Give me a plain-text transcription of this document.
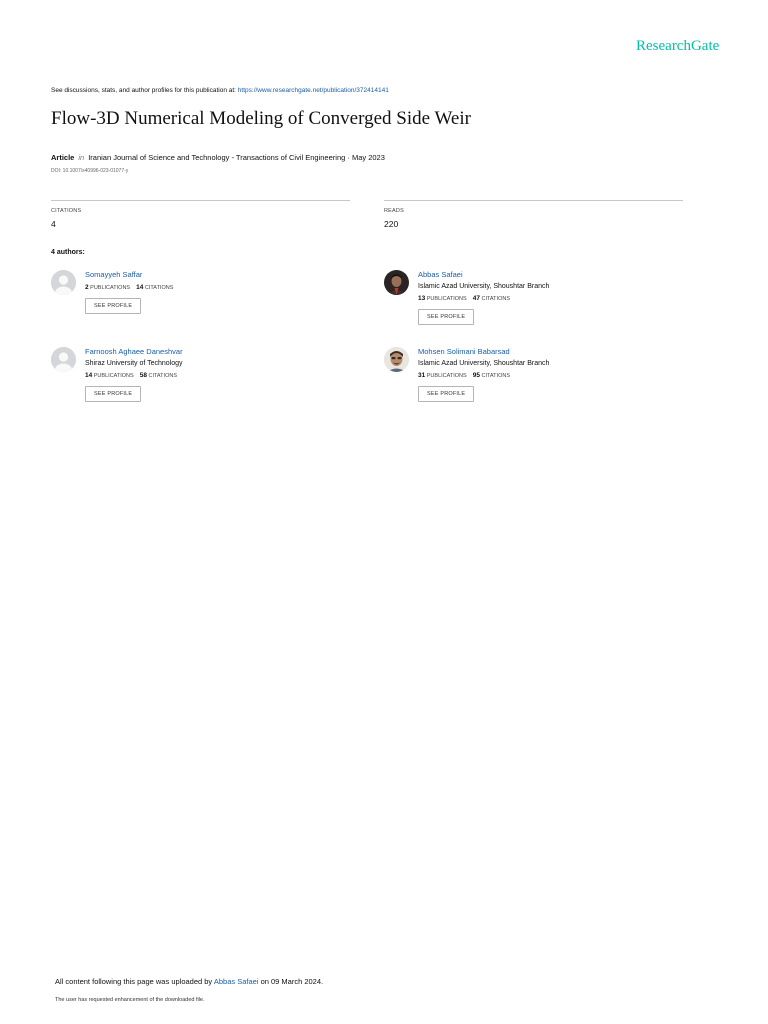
ResearchGate
See discussions, stats, and author profiles for this publication at: https://www.researchgate.net/publication/372414141
Flow-3D Numerical Modeling of Converged Side Weir
Article in Iranian Journal of Science and Technology - Transactions of Civil Engineering · May 2023
DOI: 10.1007/s40996-023-01077-y
CITATIONS
4
READS
220
4 authors:
Somayyeh Saffar
2 PUBLICATIONS 14 CITATIONS
SEE PROFILE
Abbas Safaei
Islamic Azad University, Shoushtar Branch
13 PUBLICATIONS 47 CITATIONS
SEE PROFILE
Farnoosh Aghaee Daneshvar
Shiraz University of Technology
14 PUBLICATIONS 58 CITATIONS
SEE PROFILE
Mohsen Solimani Babarsad
Islamic Azad University, Shoushtar Branch
31 PUBLICATIONS 95 CITATIONS
SEE PROFILE
All content following this page was uploaded by Abbas Safaei on 09 March 2024.
The user has requested enhancement of the downloaded file.
